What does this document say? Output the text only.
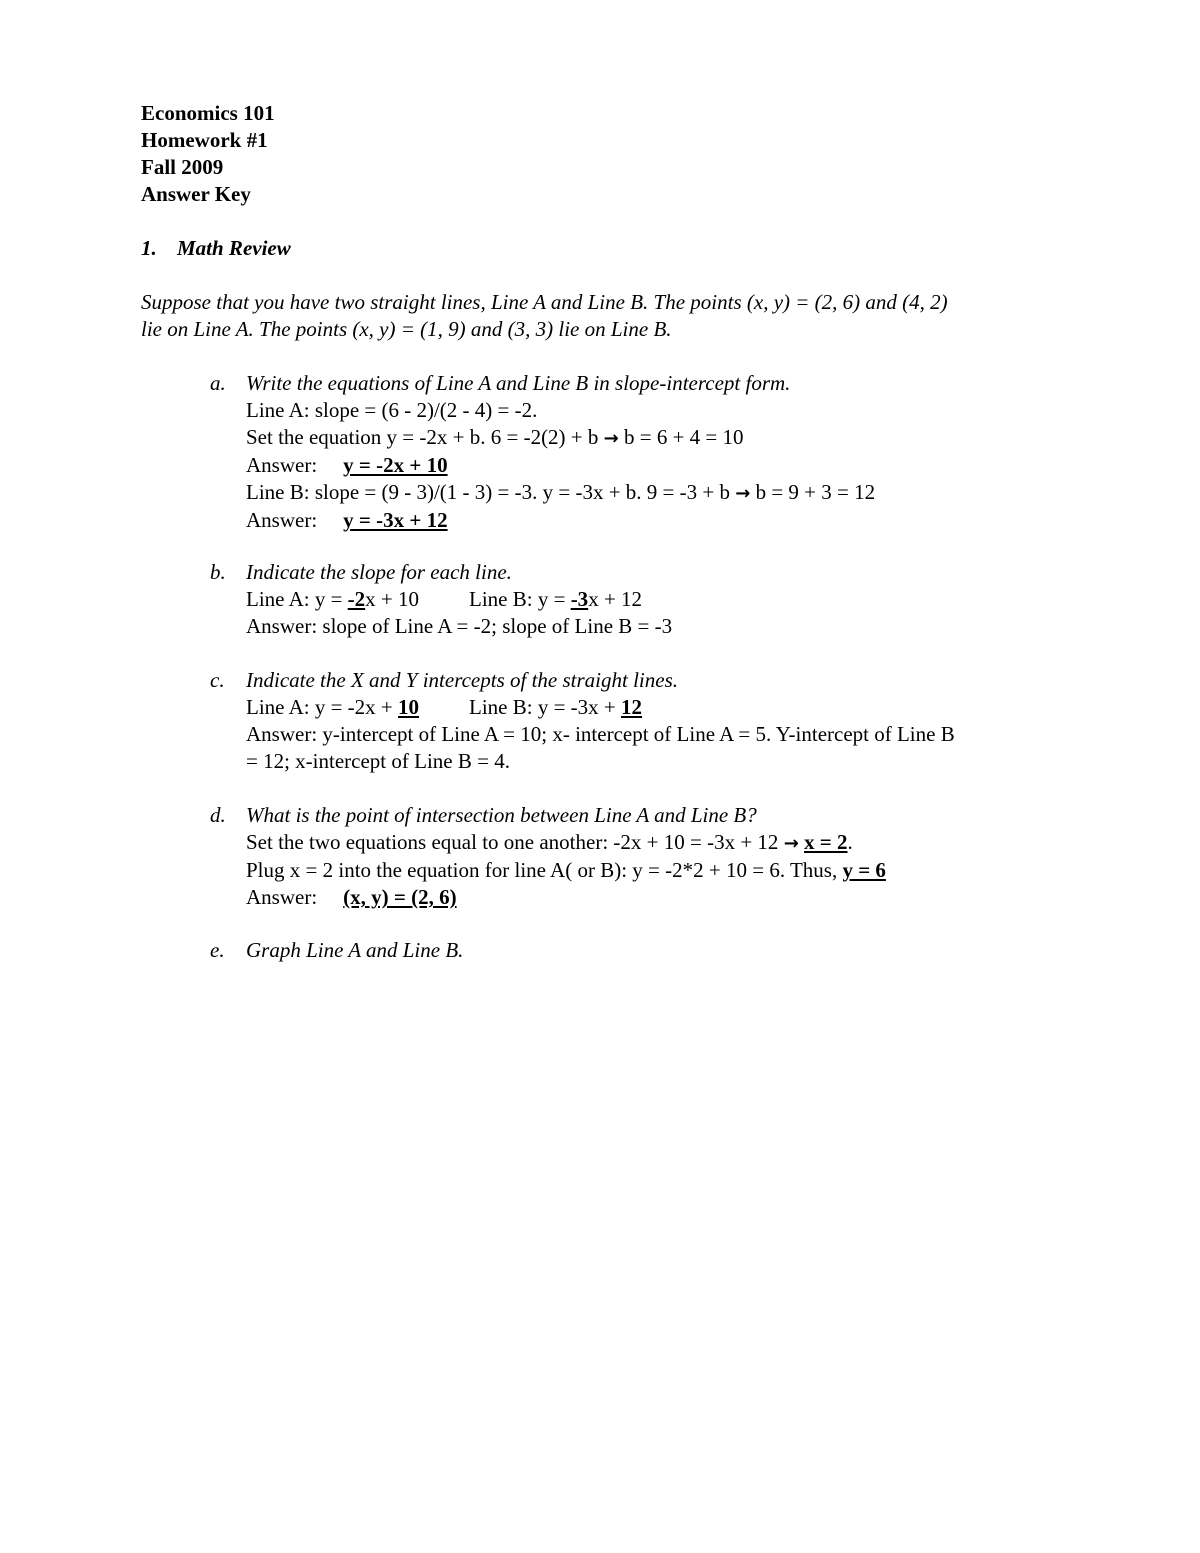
Economics 101
Homework #1
Fall 2009
Answer Key
1. Math Review
Suppose that you have two straight lines, Line A and Line B. The points (x, y) = (2, 6) and (4, 2)
lie on Line A. The points (x, y) = (1, 9) and (3, 3) lie on Line B.
a. Write the equations of Line A and Line B in slope-intercept form.
Line A: slope = (6 - 2)/(2 - 4) = -2.
Set the equation y = -2x + b. 6 = -2(2) + b → b = 6 + 4 = 10
Answer: y = -2x + 10
Line B: slope = (9 - 3)/(1 - 3) = -3. y = -3x + b. 9 = -3 + b → b = 9 + 3 = 12
Answer: y = -3x + 12
b. Indicate the slope for each line.
Line A: y = -2x + 10 Line B: y = -3x + 12
Answer: slope of Line A = -2; slope of Line B = -3
c. Indicate the X and Y intercepts of the straight lines.
Line A: y = -2x + 10 Line B: y = -3x + 12
Answer: y-intercept of Line A = 10; x- intercept of Line A = 5. Y-intercept of Line B
= 12; x-intercept of Line B = 4.
d. What is the point of intersection between Line A and Line B?
Set the two equations equal to one another: -2x + 10 = -3x + 12 → x = 2.
Plug x = 2 into the equation for line A( or B): y = -2*2 + 10 = 6. Thus, y = 6
Answer: (x, y) = (2, 6)
e. Graph Line A and Line B.
